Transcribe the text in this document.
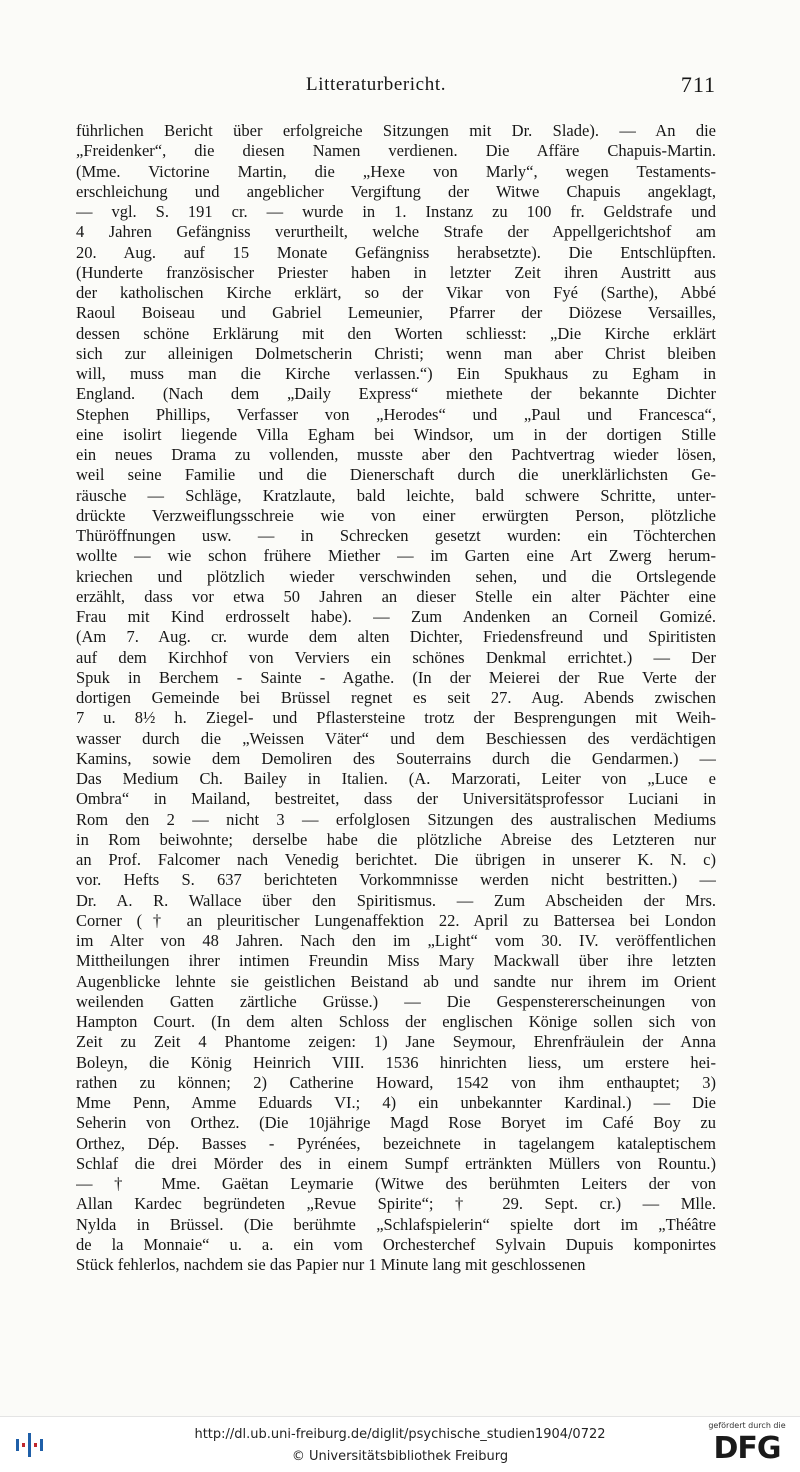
Litteraturbericht.	711
führlichen Bericht über erfolgreiche Sitzungen mit Dr. Slade). — An die
„Freidenker“, die diesen Namen verdienen. Die Affäre Chapuis-Martin.
(Mme. Victorine Martin, die „Hexe von Marly“, wegen Testaments-
erschleichung und angeblicher Vergiftung der Witwe Chapuis angeklagt,
— vgl. S. 191 cr. — wurde in 1. Instanz zu 100 fr. Geldstrafe und
4 Jahren Gefängniss verurtheilt, welche Strafe der Appellgerichtshof am
20. Aug. auf 15 Monate Gefängniss herabsetzte). Die Entschlüpften.
(Hunderte französischer Priester haben in letzter Zeit ihren Austritt aus
der katholischen Kirche erklärt, so der Vikar von Fyé (Sarthe), Abbé
Raoul Boiseau und Gabriel Lemeunier, Pfarrer der Diözese Versailles,
dessen schöne Erklärung mit den Worten schliesst: „Die Kirche erklärt
sich zur alleinigen Dolmetscherin Christi; wenn man aber Christ bleiben
will, muss man die Kirche verlassen.“) Ein Spukhaus zu Egham in
England. (Nach dem „Daily Express“ miethete der bekannte Dichter
Stephen Phillips, Verfasser von „Herodes“ und „Paul und Francesca“,
eine isolirt liegende Villa Egham bei Windsor, um in der dortigen Stille
ein neues Drama zu vollenden, musste aber den Pachtvertrag wieder lösen,
weil seine Familie und die Dienerschaft durch die unerklärlichsten Ge-
räusche — Schläge, Kratzlaute, bald leichte, bald schwere Schritte, unter-
drückte Verzweiflungsschreie wie von einer erwürgten Person, plötzliche
Thüröffnungen usw. — in Schrecken gesetzt wurden: ein Töchterchen
wollte — wie schon frühere Miether — im Garten eine Art Zwerg herum-
kriechen und plötzlich wieder verschwinden sehen, und die Ortslegende
erzählt, dass vor etwa 50 Jahren an dieser Stelle ein alter Pächter eine
Frau mit Kind erdrosselt habe). — Zum Andenken an Corneil Gomizé.
(Am 7. Aug. cr. wurde dem alten Dichter, Friedensfreund und Spiritisten
auf dem Kirchhof von Verviers ein schönes Denkmal errichtet.) — Der
Spuk in Berchem - Sainte - Agathe. (In der Meierei der Rue Verte der
dortigen Gemeinde bei Brüssel regnet es seit 27. Aug. Abends zwischen
7 u. 8½ h. Ziegel- und Pflastersteine trotz der Besprengungen mit Weih-
wasser durch die „Weissen Väter“ und dem Beschiessen des verdächtigen
Kamins, sowie dem Demoliren des Souterrains durch die Gendarmen.) —
Das Medium Ch. Bailey in Italien. (A. Marzorati, Leiter von „Luce e
Ombra“ in Mailand, bestreitet, dass der Universitätsprofessor Luciani in
Rom den 2 — nicht 3 — erfolglosen Sitzungen des australischen Mediums
in Rom beiwohnte; derselbe habe die plötzliche Abreise des Letzteren nur
an Prof. Falcomer nach Venedig berichtet. Die übrigen in unserer K. N. c)
vor. Hefts S. 637 berichteten Vorkommnisse werden nicht bestritten.) —
Dr. A. R. Wallace über den Spiritismus. — Zum Abscheiden der Mrs.
Corner († an pleuritischer Lungenaffektion 22. April zu Battersea bei London
im Alter von 48 Jahren. Nach den im „Light“ vom 30. IV. veröffentlichen
Mittheilungen ihrer intimen Freundin Miss Mary Mackwall über ihre letzten
Augenblicke lehnte sie geistlichen Beistand ab und sandte nur ihrem im Orient
weilenden Gatten zärtliche Grüsse.) — Die Gespenstererscheinungen von
Hampton Court. (In dem alten Schloss der englischen Könige sollen sich von
Zeit zu Zeit 4 Phantome zeigen: 1) Jane Seymour, Ehrenfräulein der Anna
Boleyn, die König Heinrich VIII. 1536 hinrichten liess, um erstere hei-
rathen zu können; 2) Catherine Howard, 1542 von ihm enthauptet; 3)
Mme Penn, Amme Eduards VI.; 4) ein unbekannter Kardinal.) — Die
Seherin von Orthez. (Die 10jährige Magd Rose Boryet im Café Boy zu
Orthez, Dép. Basses - Pyrénées, bezeichnete in tagelangem kataleptischem
Schlaf die drei Mörder des in einem Sumpf ertränkten Müllers von Rountu.)
— † Mme. Gaëtan Leymarie (Witwe des berühmten Leiters der von
Allan Kardec begründeten „Revue Spirite“; † 29. Sept. cr.) — Mlle.
Nylda in Brüssel. (Die berühmte „Schlafspielerin“ spielte dort im „Théâtre
de la Monnaie“ u. a. ein vom Orchesterchef Sylvain Dupuis komponirtes
Stück fehlerlos, nachdem sie das Papier nur 1 Minute lang mit geschlossenen
http://dl.ub.uni-freiburg.de/diglit/psychische_studien1904/0722
© Universitätsbibliothek Freiburg
gefördert durch die
DFG
